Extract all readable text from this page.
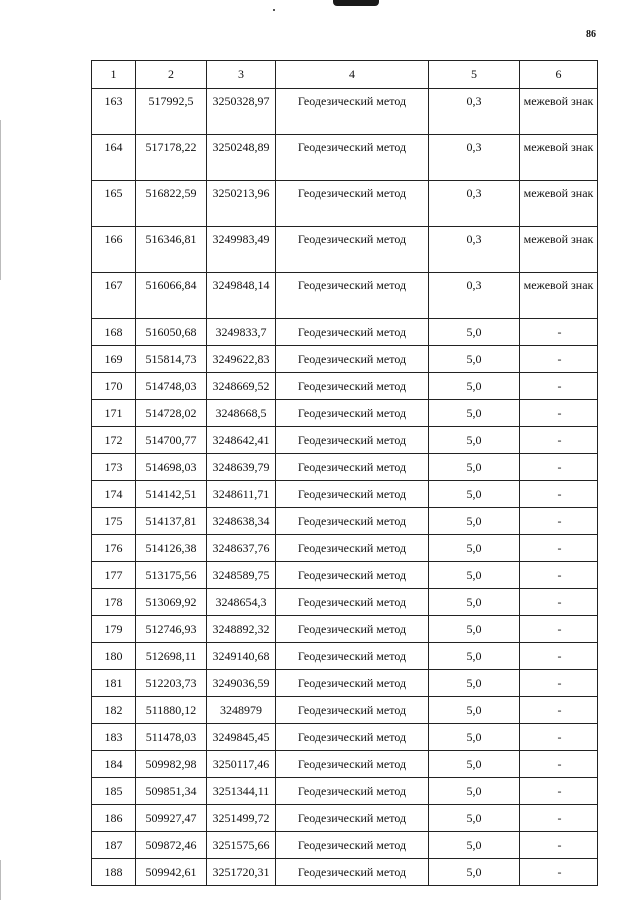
86
1	2	3	4	5	6
163	517992,5	3250328,97	Геодезический метод	0,3	межевой знак
164	517178,22	3250248,89	Геодезический метод	0,3	межевой знак
165	516822,59	3250213,96	Геодезический метод	0,3	межевой знак
166	516346,81	3249983,49	Геодезический метод	0,3	межевой знак
167	516066,84	3249848,14	Геодезический метод	0,3	межевой знак
168	516050,68	3249833,7	Геодезический метод	5,0	-
169	515814,73	3249622,83	Геодезический метод	5,0	-
170	514748,03	3248669,52	Геодезический метод	5,0	-
171	514728,02	3248668,5	Геодезический метод	5,0	-
172	514700,77	3248642,41	Геодезический метод	5,0	-
173	514698,03	3248639,79	Геодезический метод	5,0	-
174	514142,51	3248611,71	Геодезический метод	5,0	-
175	514137,81	3248638,34	Геодезический метод	5,0	-
176	514126,38	3248637,76	Геодезический метод	5,0	-
177	513175,56	3248589,75	Геодезический метод	5,0	-
178	513069,92	3248654,3	Геодезический метод	5,0	-
179	512746,93	3248892,32	Геодезический метод	5,0	-
180	512698,11	3249140,68	Геодезический метод	5,0	-
181	512203,73	3249036,59	Геодезический метод	5,0	-
182	511880,12	3248979	Геодезический метод	5,0	-
183	511478,03	3249845,45	Геодезический метод	5,0	-
184	509982,98	3250117,46	Геодезический метод	5,0	-
185	509851,34	3251344,11	Геодезический метод	5,0	-
186	509927,47	3251499,72	Геодезический метод	5,0	-
187	509872,46	3251575,66	Геодезический метод	5,0	-
188	509942,61	3251720,31	Геодезический метод	5,0	-
